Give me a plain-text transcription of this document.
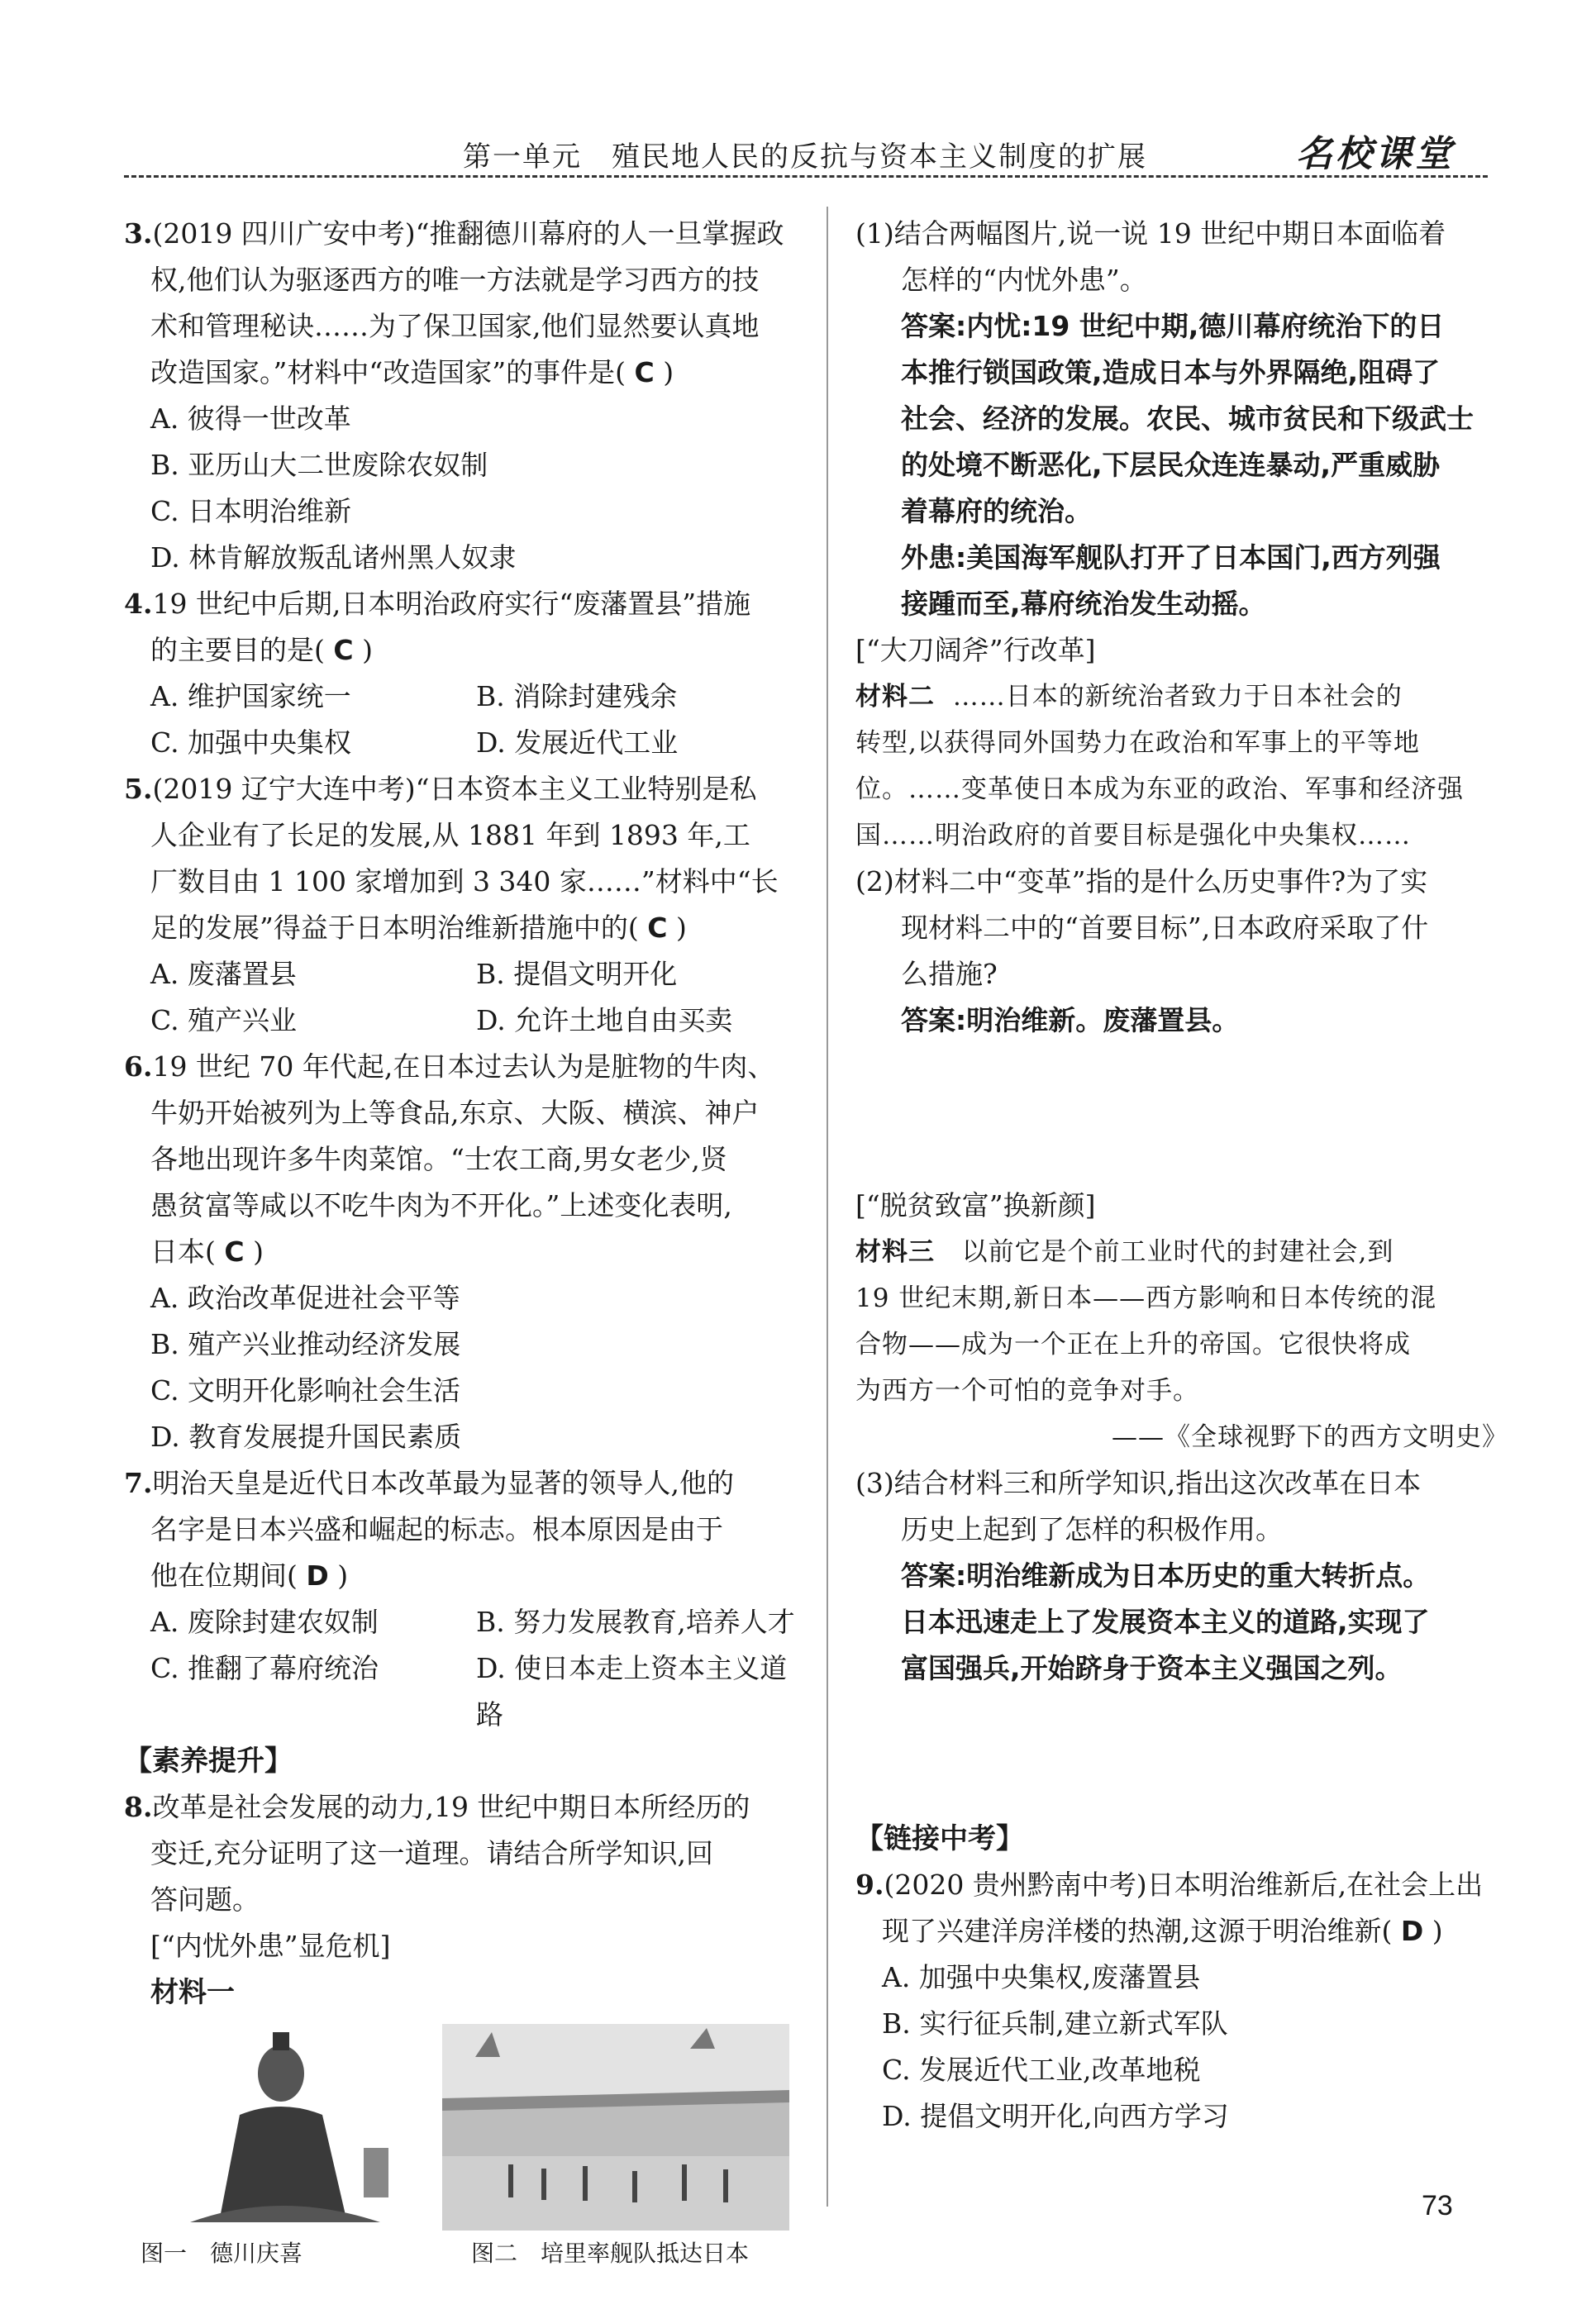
第一单元　殖民地人民的反抗与资本主义制度的扩展	名校课堂

3.(2019 四川广安中考)“推翻德川幕府的人一旦掌握政

权,他们认为驱逐西方的唯一方法就是学习西方的技

术和管理秘诀……为了保卫国家,他们显然要认真地

改造国家。”材料中“改造国家”的事件是( C )

A. 彼得一世改革

B. 亚历山大二世废除农奴制

C. 日本明治维新

D. 林肯解放叛乱诸州黑人奴隶

4.19 世纪中后期,日本明治政府实行“废藩置县”措施

的主要目的是( C )

A. 维护国家统一	B. 消除封建残余
C. 加强中央集权	D. 发展近代工业

5.(2019 辽宁大连中考)“日本资本主义工业特别是私

人企业有了长足的发展,从 1881 年到 1893 年,工

厂数目由 1 100 家增加到 3 340 家……”材料中“长

足的发展”得益于日本明治维新措施中的( C )

A. 废藩置县	B. 提倡文明开化
C. 殖产兴业	D. 允许土地自由买卖

6.19 世纪 70 年代起,在日本过去认为是脏物的牛肉、

牛奶开始被列为上等食品,东京、大阪、横滨、神户

各地出现许多牛肉菜馆。“士农工商,男女老少,贤

愚贫富等咸以不吃牛肉为不开化。”上述变化表明,

日本( C )

A. 政治改革促进社会平等

B. 殖产兴业推动经济发展

C. 文明开化影响社会生活

D. 教育发展提升国民素质

7.明治天皇是近代日本改革最为显著的领导人,他的

名字是日本兴盛和崛起的标志。根本原因是由于

他在位期间( D )

A. 废除封建农奴制	B. 努力发展教育,培养人才
C. 推翻了幕府统治	D. 使日本走上资本主义道路

【素养提升】

8.改革是社会发展的动力,19 世纪中期日本所经历的

变迁,充分证明了这一道理。请结合所学知识,回

答问题。

[“内忧外患”显危机]

材料一

图一　德川庆喜	图二　培里率舰队抵达日本

(1)结合两幅图片,说一说 19 世纪中期日本面临着

怎样的“内忧外患”。

答案:内忧:19 世纪中期,德川幕府统治下的日

本推行锁国政策,造成日本与外界隔绝,阻碍了

社会、经济的发展。农民、城市贫民和下级武士

的处境不断恶化,下层民众连连暴动,严重威胁

着幕府的统治。

外患:美国海军舰队打开了日本国门,西方列强

接踵而至,幕府统治发生动摇。

[“大刀阔斧”行改革]

材料二 ……日本的新统治者致力于日本社会的

转型,以获得同外国势力在政治和军事上的平等地

位。……变革使日本成为东亚的政治、军事和经济强

国……明治政府的首要目标是强化中央集权……

(2)材料二中“变革”指的是什么历史事件?为了实

现材料二中的“首要目标”,日本政府采取了什

么措施?

答案:明治维新。废藩置县。

[“脱贫致富”换新颜]

材料三 以前它是个前工业时代的封建社会,到

19 世纪末期,新日本——西方影响和日本传统的混

合物——成为一个正在上升的帝国。它很快将成

为西方一个可怕的竞争对手。

——《全球视野下的西方文明史》

(3)结合材料三和所学知识,指出这次改革在日本

历史上起到了怎样的积极作用。

答案:明治维新成为日本历史的重大转折点。

日本迅速走上了发展资本主义的道路,实现了

富国强兵,开始跻身于资本主义强国之列。

【链接中考】

9.(2020 贵州黔南中考)日本明治维新后,在社会上出

现了兴建洋房洋楼的热潮,这源于明治维新( D )

A. 加强中央集权,废藩置县

B. 实行征兵制,建立新式军队

C. 发展近代工业,改革地税

D. 提倡文明开化,向西方学习

73
